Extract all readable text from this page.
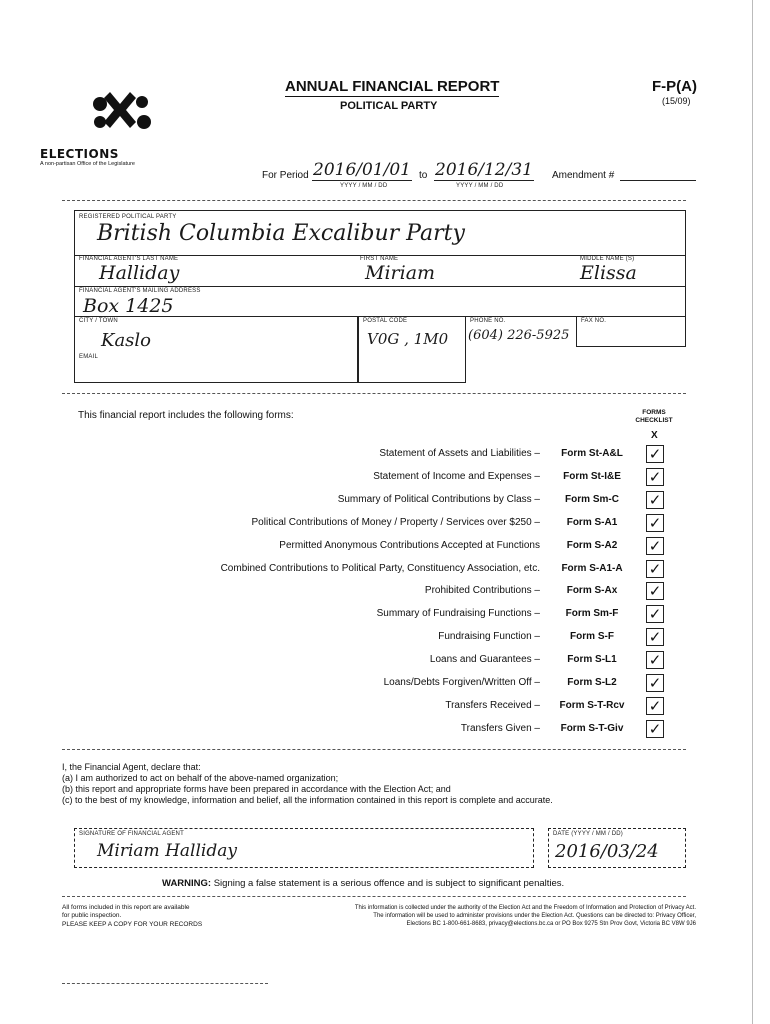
ELECTIONS
A non-partisan Office of the Legislature
ANNUAL FINANCIAL REPORT
POLITICAL PARTY
F-P(A)
(15/09)
For Period 2016/01/01
YYYY / MM / DD
to 2016/12/31
YYYY / MM / DD
Amendment #
REGISTERED POLITICAL PARTY
British Columbia Excalibur Party
FINANCIAL AGENT'S LAST NAME
Halliday
FIRST NAME
Miriam
MIDDLE NAME (S)
Elissa
FINANCIAL AGENT'S MAILING ADDRESS
Box 1425
CITY / TOWN
Kaslo
EMAIL
POSTAL CODE
V0G , 1M0
PHONE NO.
(604) 226-5925
FAX NO.
This financial report includes the following forms:	FORMS CHECKLIST
X
Statement of Assets and Liabilities –	Form St-A&L	✓
Statement of Income and Expenses –	Form St-I&E	✓
Summary of Political Contributions by Class –	Form Sm-C	✓
Political Contributions of Money / Property / Services over $250 –	Form S-A1	✓
Permitted Anonymous Contributions Accepted at Functions	Form S-A2	✓
Combined Contributions to Political Party, Constituency Association, etc.	Form S-A1-A	✓
Prohibited Contributions –	Form S-Ax	✓
Summary of Fundraising Functions –	Form Sm-F	✓
Fundraising Function –	Form S-F	✓
Loans and Guarantees –	Form S-L1	✓
Loans/Debts Forgiven/Written Off –	Form S-L2	✓
Transfers Received –	Form S-T-Rcv	✓
Transfers Given –	Form S-T-Giv	✓
I, the Financial Agent, declare that:
(a) I am authorized to act on behalf of the above-named organization;
(b) this report and appropriate forms have been prepared in accordance with the Election Act; and
(c) to the best of my knowledge, information and belief, all the information contained in this report is complete and accurate.
SIGNATURE OF FINANCIAL AGENT
Miriam Halliday
DATE (YYYY / MM / DD)
2016/03/24
WARNING: Signing a false statement is a serious offence and is subject to significant penalties.
All forms included in this report are available
for public inspection.
PLEASE KEEP A COPY FOR YOUR RECORDS
This information is collected under the authority of the Election Act and the Freedom of Information and Protection of Privacy Act.
The information will be used to administer provisions under the Election Act. Questions can be directed to: Privacy Officer,
Elections BC 1-800-661-8683, privacy@elections.bc.ca or PO Box 9275 Stn Prov Govt, Victoria BC V8W 9J6
